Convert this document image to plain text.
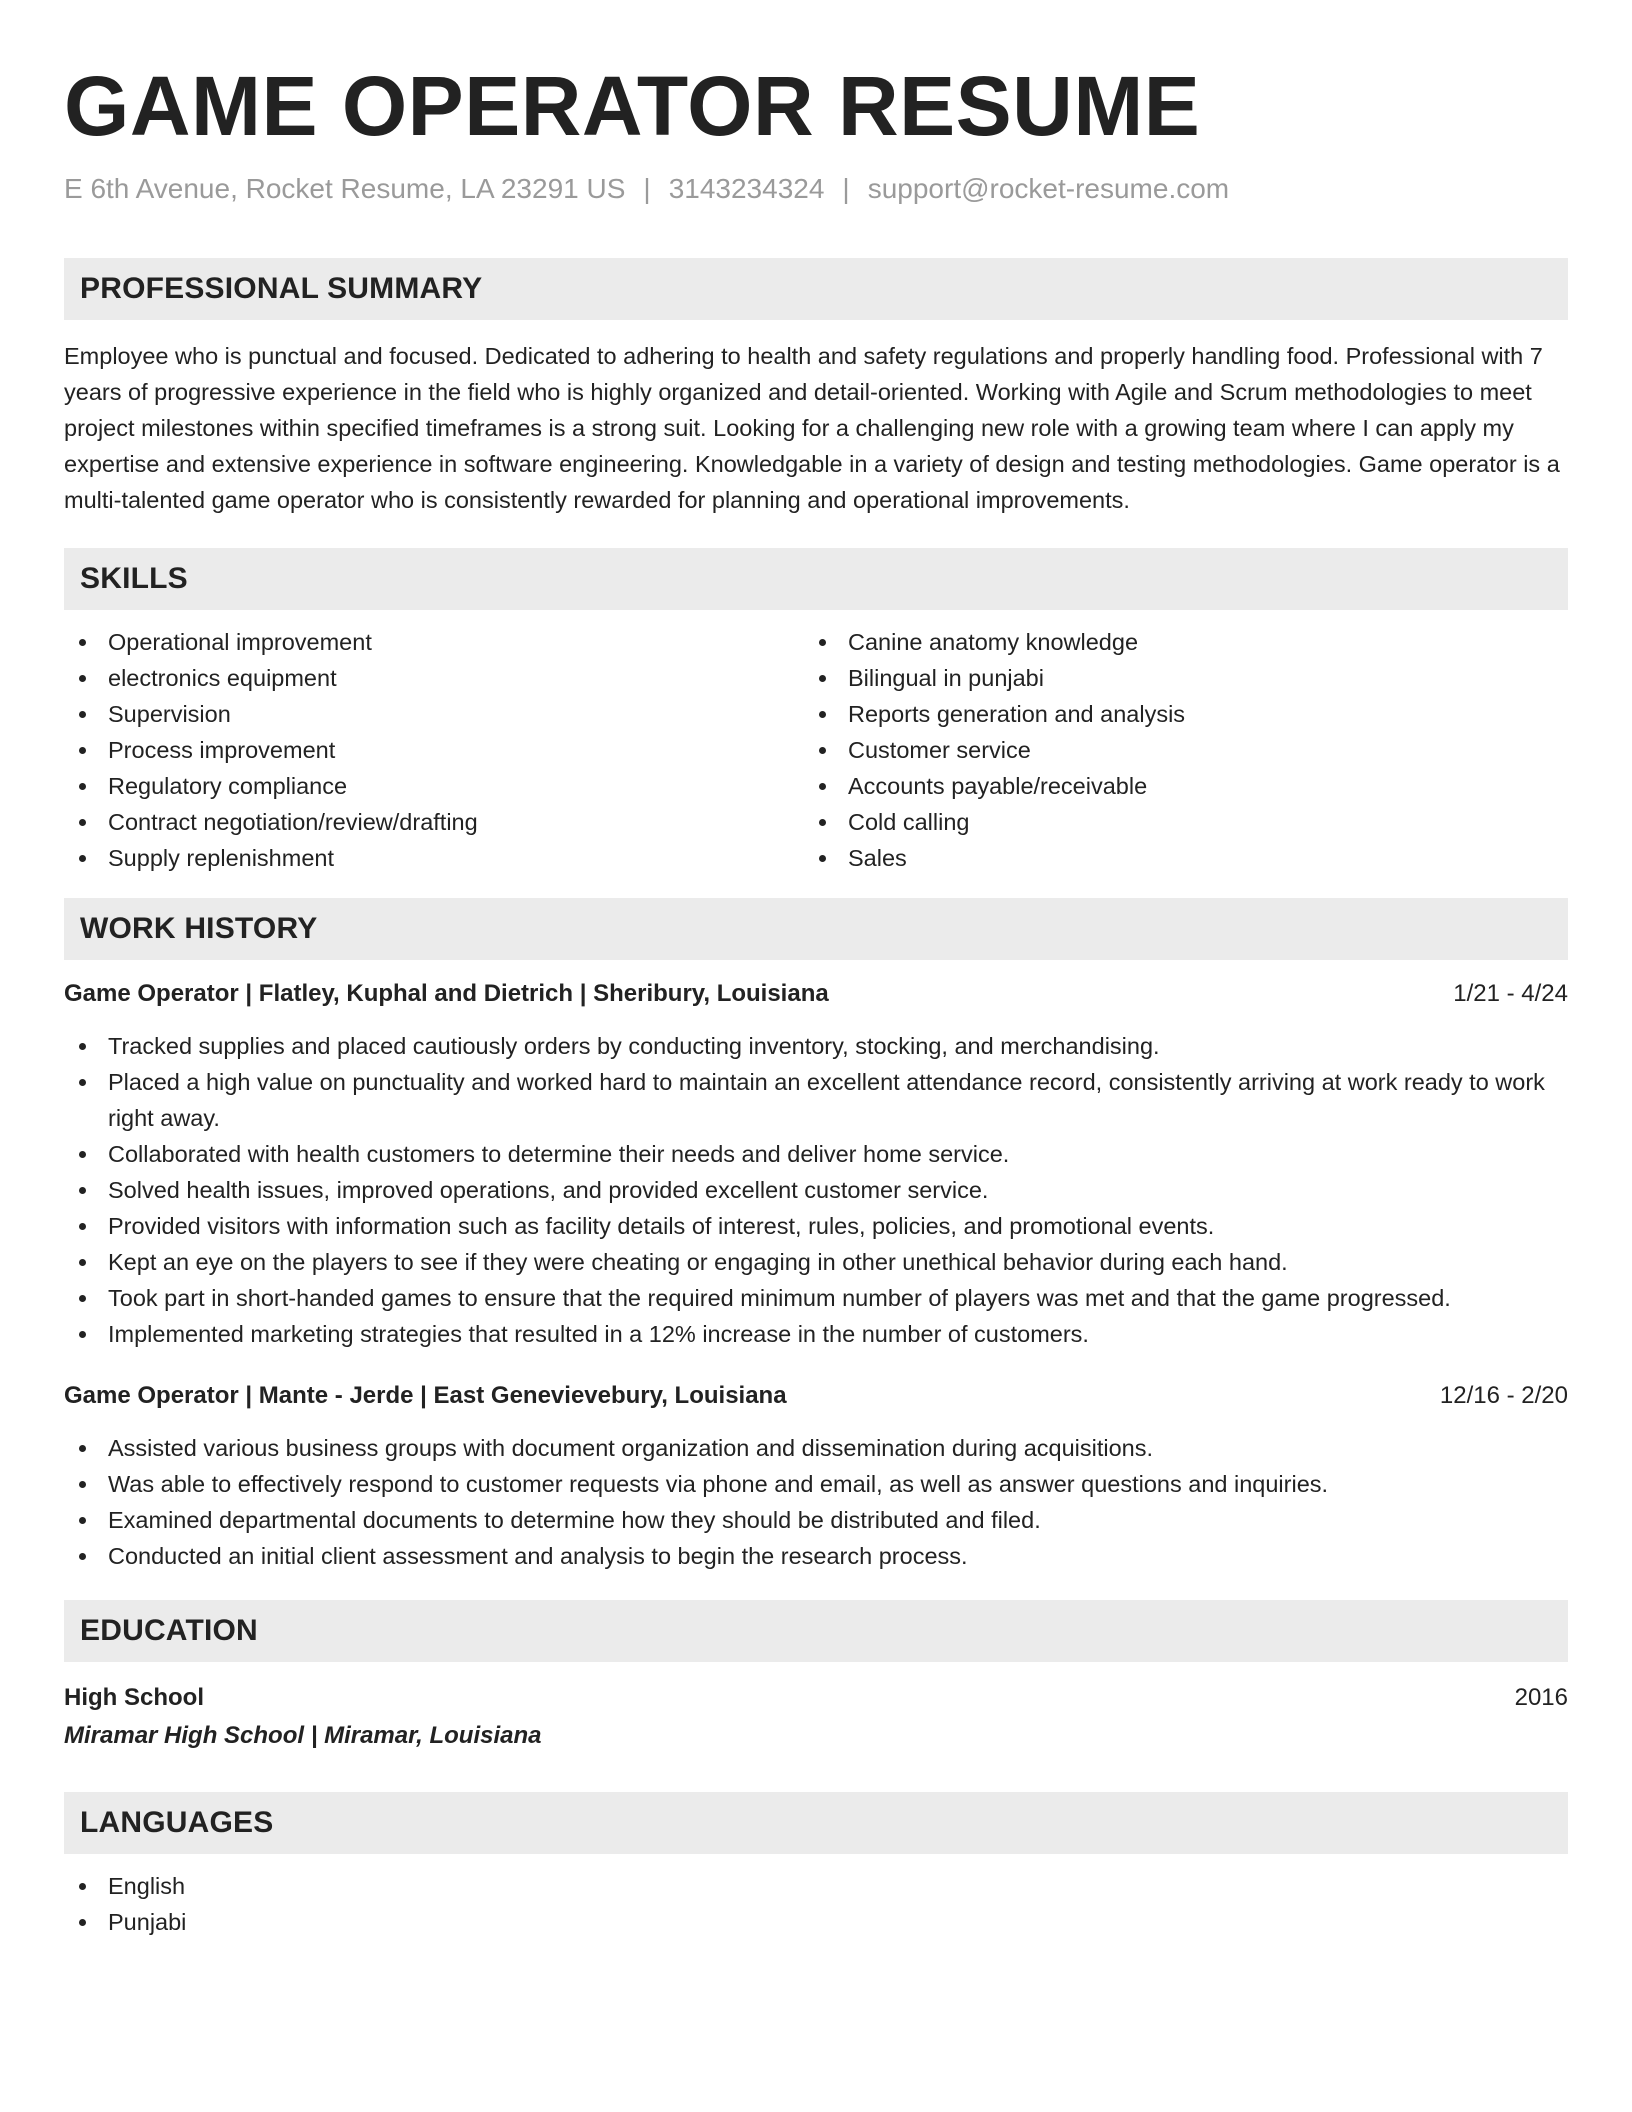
GAME OPERATOR RESUME
E 6th Avenue, Rocket Resume, LA 23291 US | 3143234324 | support@rocket-resume.com
PROFESSIONAL SUMMARY
Employee who is punctual and focused. Dedicated to adhering to health and safety regulations and properly handling food. Professional with 7 years of progressive experience in the field who is highly organized and detail-oriented. Working with Agile and Scrum methodologies to meet project milestones within specified timeframes is a strong suit. Looking for a challenging new role with a growing team where I can apply my expertise and extensive experience in software engineering. Knowledgable in a variety of design and testing methodologies. Game operator is a multi-talented game operator who is consistently rewarded for planning and operational improvements.
SKILLS
Operational improvement
electronics equipment
Supervision
Process improvement
Regulatory compliance
Contract negotiation/review/drafting
Supply replenishment
Canine anatomy knowledge
Bilingual in punjabi
Reports generation and analysis
Customer service
Accounts payable/receivable
Cold calling
Sales
WORK HISTORY
Game Operator | Flatley, Kuphal and Dietrich | Sheribury, Louisiana	1/21 - 4/24
Tracked supplies and placed cautiously orders by conducting inventory, stocking, and merchandising.
Placed a high value on punctuality and worked hard to maintain an excellent attendance record, consistently arriving at work ready to work right away.
Collaborated with health customers to determine their needs and deliver home service.
Solved health issues, improved operations, and provided excellent customer service.
Provided visitors with information such as facility details of interest, rules, policies, and promotional events.
Kept an eye on the players to see if they were cheating or engaging in other unethical behavior during each hand.
Took part in short-handed games to ensure that the required minimum number of players was met and that the game progressed.
Implemented marketing strategies that resulted in a 12% increase in the number of customers.
Game Operator | Mante - Jerde | East Genevievebury, Louisiana	12/16 - 2/20
Assisted various business groups with document organization and dissemination during acquisitions.
Was able to effectively respond to customer requests via phone and email, as well as answer questions and inquiries.
Examined departmental documents to determine how they should be distributed and filed.
Conducted an initial client assessment and analysis to begin the research process.
EDUCATION
High School	2016
Miramar High School | Miramar, Louisiana
LANGUAGES
English
Punjabi
